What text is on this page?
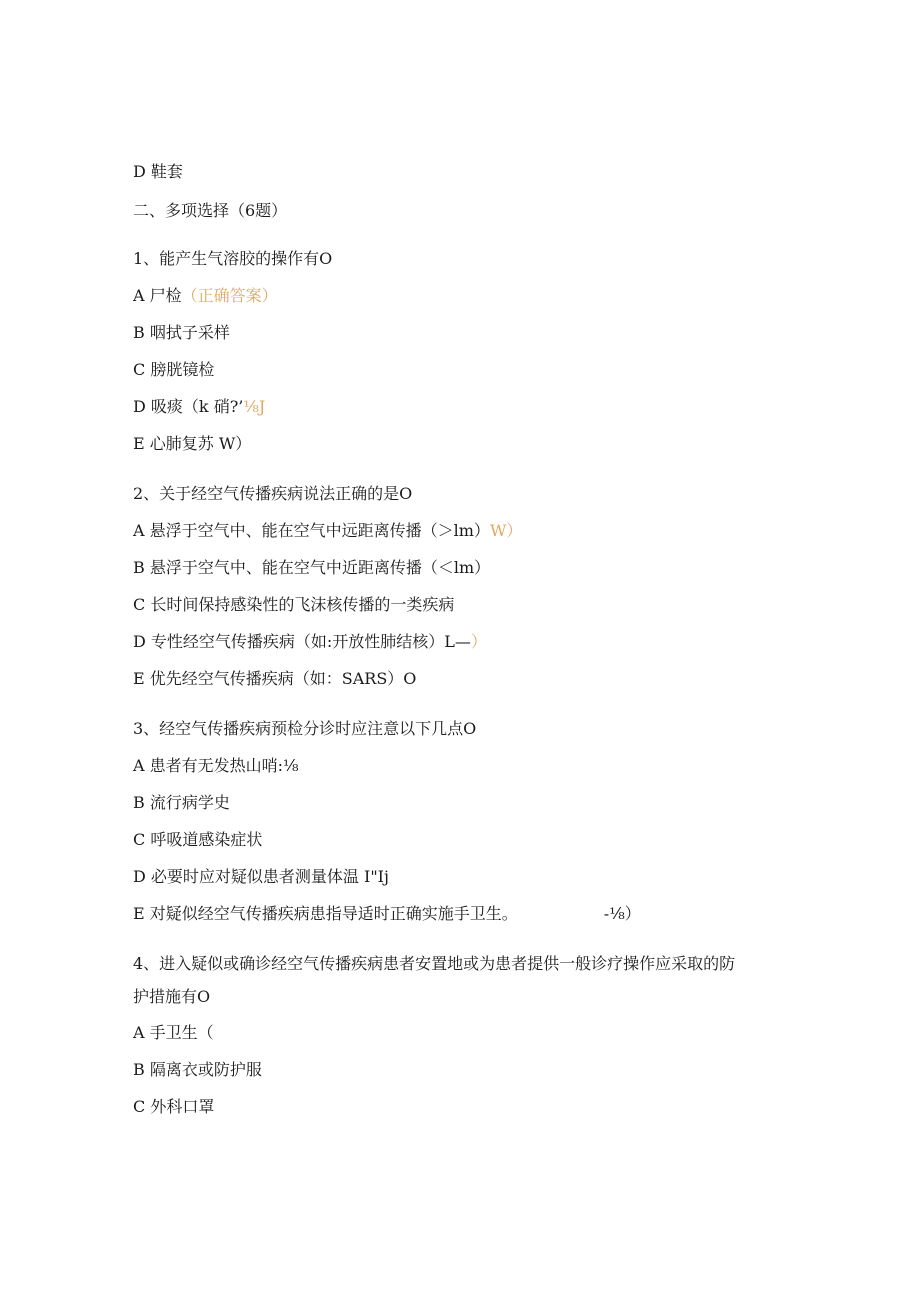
D 鞋套
二、多项选择（6题）
1、能产生气溶胶的操作有O
A 尸检（正确答案）
B 咽拭子采样
C 膀胱镜检
D 吸痰（k 硝?’⅛J
E 心肺复苏 W）
2、关于经空气传播疾病说法正确的是O
A 悬浮于空气中、能在空气中远距离传播（＞lm）W）
B 悬浮于空气中、能在空气中近距离传播（＜lm）
C 长时间保持感染性的飞沫核传播的一类疾病
D 专性经空气传播疾病（如:开放性肺结核）L—）
E 优先经空气传播疾病（如：SARS）O
3、经空气传播疾病预检分诊时应注意以下几点O
A 患者有无发热山哨:⅛
B 流行病学史
C 呼吸道感染症状
D 必要时应对疑似患者测量体温 I"Ij
E 对疑似经空气传播疾病患指导适时正确实施手卫生。	-⅛）
4、进入疑似或确诊经空气传播疾病患者安置地或为患者提供一般诊疗操作应采取的防
护措施有O
A 手卫生（
B 隔离衣或防护服
C 外科口罩
